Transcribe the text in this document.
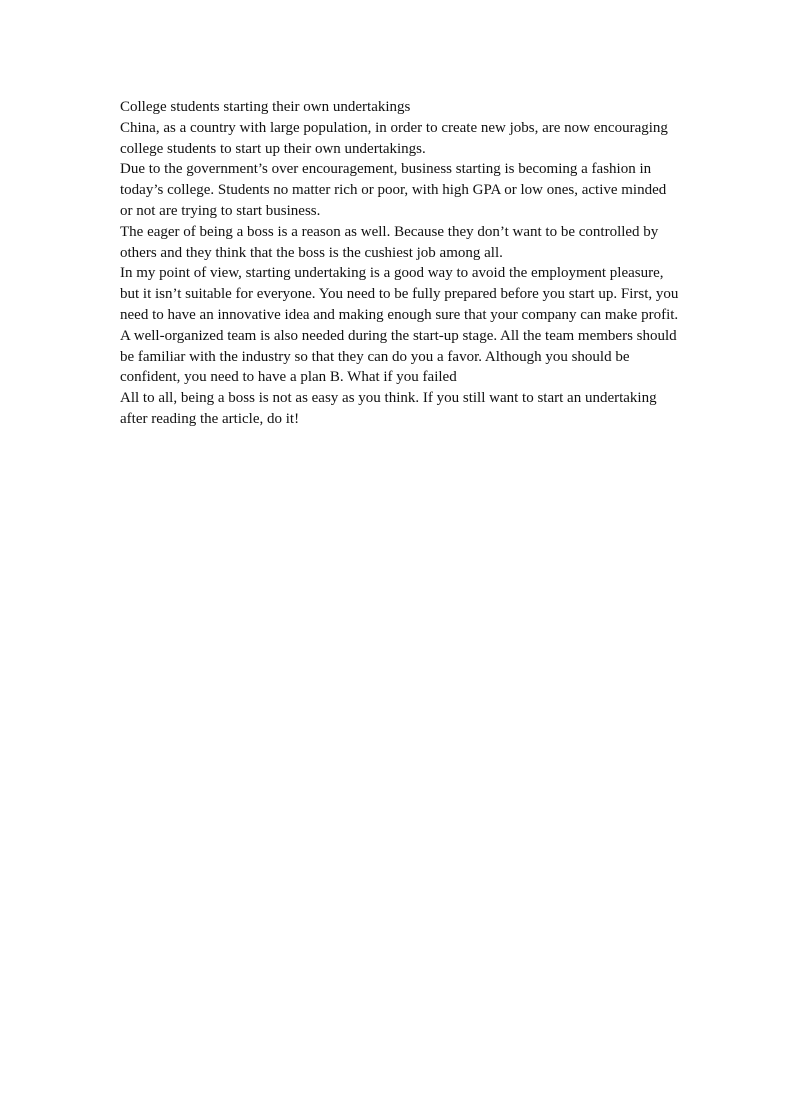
College students starting their own undertakings

China, as a country with large population, in order to create new jobs, are now encouraging college students to start up their own undertakings.

Due to the government’s over encouragement, business starting is becoming a fashion in today’s college. Students no matter rich or poor, with high GPA or low ones, active minded or not are trying to start business.

The eager of being a boss is a reason as well. Because they don’t want to be controlled by others and they think that the boss is the cushiest job among all.

In my point of view, starting undertaking is a good way to avoid the employment pleasure, but it isn’t suitable for everyone. You need to be fully prepared before you start up. First, you need to have an innovative idea and making enough sure that your company can make profit. A well-organized team is also needed during the start-up stage. All the team members should be familiar with the industry so that they can do you a favor. Although you should be confident, you need to have a plan B. What if you failed

All to all, being a boss is not as easy as you think. If you still want to start an undertaking after reading the article, do it!
